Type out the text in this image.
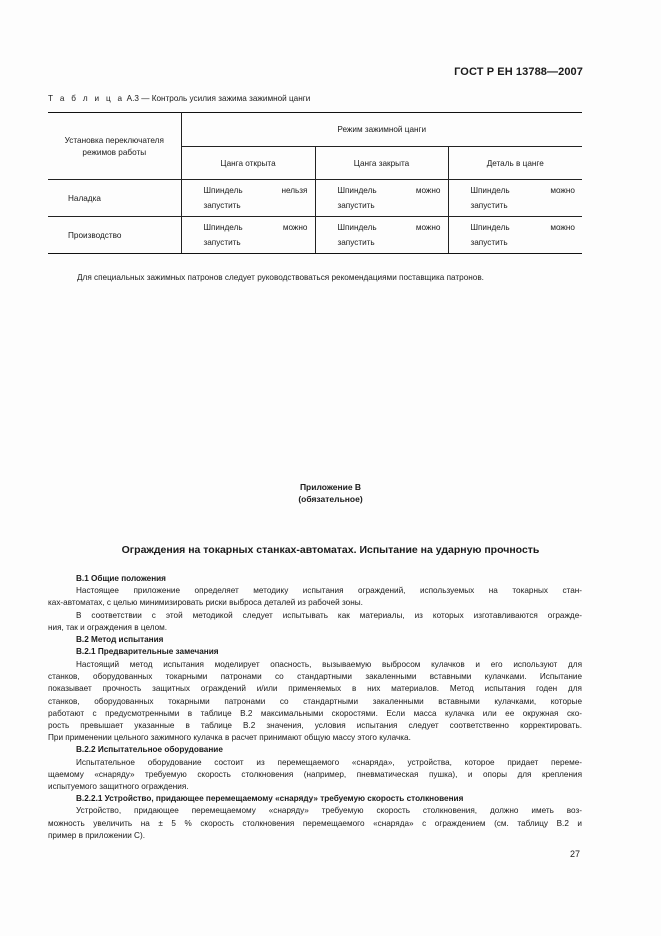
ГОСТ Р ЕН 13788—2007
Т а б л и ц а А.3 — Контроль усилия зажима зажимной цанги
Установка переключателя
режимов работы	Режим зажимной цанги		
	Цанга открыта	Цанга закрыта	Деталь в цанге
Наладка	Шпиндель нельзя запустить	Шпиндель можно запустить	Шпиндель можно запустить
Производство	Шпиндель можно запустить	Шпиндель можно запустить	Шпиндель можно запустить
Для специальных зажимных патронов следует руководствоваться рекомендациями поставщика патронов.
Приложение В
(обязательное)
Ограждения на токарных станках-автоматах. Испытание на ударную прочность
В.1 Общие положения
Настоящее приложение определяет методику испытания ограждений, используемых на токарных стан-
ках-автоматах, с целью минимизировать риски выброса деталей из рабочей зоны.
В соответствии с этой методикой следует испытывать как материалы, из которых изготавливаются огражде-
ния, так и ограждения в целом.
В.2 Метод испытания
В.2.1 Предварительные замечания
Настоящий метод испытания моделирует опасность, вызываемую выбросом кулачков и его используют для
станков, оборудованных токарными патронами со стандартными закаленными вставными кулачками. Испытание
показывает прочность защитных ограждений и/или применяемых в них материалов. Метод испытания годен для
станков, оборудованных токарными патронами со стандартными закаленными вставными кулачками, которые
работают с предусмотренными в таблице В.2 максимальными скоростями. Если масса кулачка или ее окружная ско-
рость превышает указанные в таблице В.2 значения, условия испытания следует соответственно корректировать.
При применении цельного зажимного кулачка в расчет принимают общую массу этого кулачка.
В.2.2 Испытательное оборудование
Испытательное оборудование состоит из перемещаемого «снаряда», устройства, которое придает переме-
щаемому «снаряду» требуемую скорость столкновения (например, пневматическая пушка), и опоры для крепления
испытуемого защитного ограждения.
В.2.2.1 Устройство, придающее перемещаемому «снаряду» требуемую скорость столкновения
Устройство, придающее перемещаемому «снаряду» требуемую скорость столкновения, должно иметь воз-
можность увеличить на ± 5 % скорость столкновения перемещаемого «снаряда» с ограждением (см. таблицу В.2 и
пример в приложении С).
27
